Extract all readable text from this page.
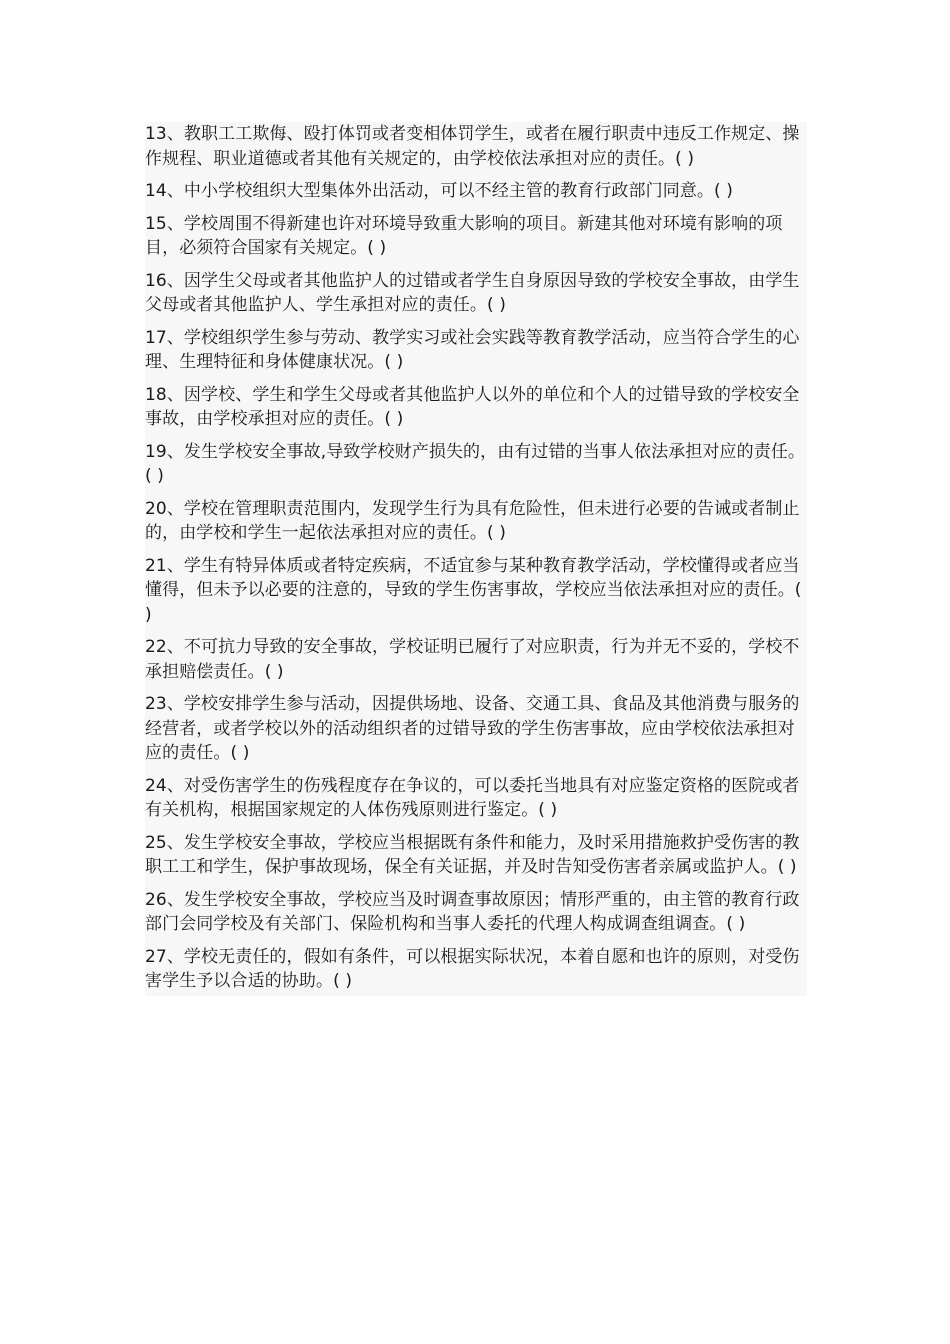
13、教职工工欺侮、殴打体罚或者变相体罚学生，或者在履行职责中违反工作规定、操作规程、职业道德或者其他有关规定的，由学校依法承担对应的责任。( )

14、中小学校组织大型集体外出活动，可以不经主管的教育行政部门同意。( )

15、学校周围不得新建也许对环境导致重大影响的项目。新建其他对环境有影响的项目，必须符合国家有关规定。( )

16、因学生父母或者其他监护人的过错或者学生自身原因导致的学校安全事故，由学生父母或者其他监护人、学生承担对应的责任。( )

17、学校组织学生参与劳动、教学实习或社会实践等教育教学活动，应当符合学生的心理、生理特征和身体健康状况。( )

18、因学校、学生和学生父母或者其他监护人以外的单位和个人的过错导致的学校安全事故，由学校承担对应的责任。( )

19、发生学校安全事故,导致学校财产损失的，由有过错的当事人依法承担对应的责任。( )

20、学校在管理职责范围内，发现学生行为具有危险性，但未进行必要的告诫或者制止的，由学校和学生一起依法承担对应的责任。( )

21、学生有特异体质或者特定疾病，不适宜参与某种教育教学活动，学校懂得或者应当懂得，但未予以必要的注意的，导致的学生伤害事故，学校应当依法承担对应的责任。( )

22、不可抗力导致的安全事故，学校证明已履行了对应职责，行为并无不妥的，学校不承担赔偿责任。( )

23、学校安排学生参与活动，因提供场地、设备、交通工具、食品及其他消费与服务的经营者，或者学校以外的活动组织者的过错导致的学生伤害事故，应由学校依法承担对应的责任。( )

24、对受伤害学生的伤残程度存在争议的，可以委托当地具有对应鉴定资格的医院或者有关机构，根据国家规定的人体伤残原则进行鉴定。( )

25、发生学校安全事故，学校应当根据既有条件和能力，及时采用措施救护受伤害的教职工工和学生，保护事故现场，保全有关证据，并及时告知受伤害者亲属或监护人。( )

26、发生学校安全事故，学校应当及时调查事故原因；情形严重的，由主管的教育行政部门会同学校及有关部门、保险机构和当事人委托的代理人构成调查组调查。( )

27、学校无责任的，假如有条件，可以根据实际状况，本着自愿和也许的原则，对受伤害学生予以合适的协助。( )
